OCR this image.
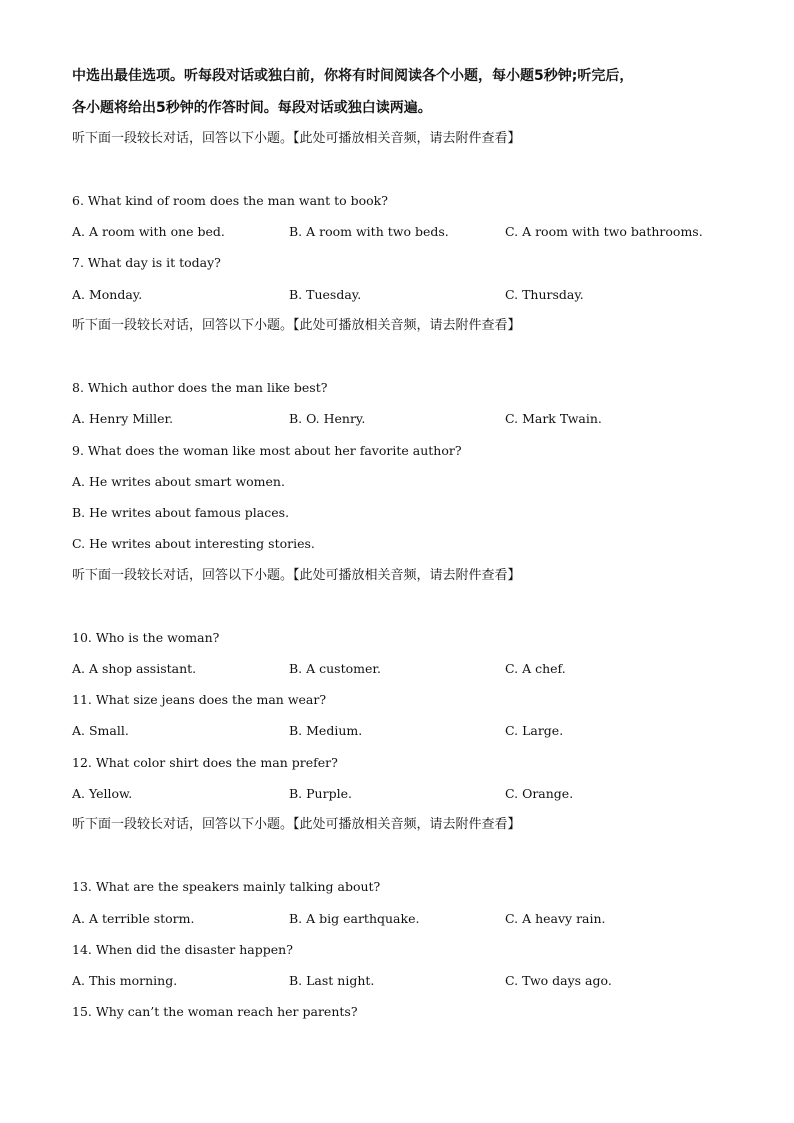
中选出最佳选项。听每段对话或独白前，你将有时间阅读各个小题，每小题5秒钟;听完后，
各小题将给出5秒钟的作答时间。每段对话或独白读两遍。
听下面一段较长对话，回答以下小题。【此处可播放相关音频，请去附件查看】
6. What kind of room does the man want to book?
A. A room with one bed.	B. A room with two beds.	C. A room with two bathrooms.
7. What day is it today?
A. Monday.	B. Tuesday.	C. Thursday.
听下面一段较长对话，回答以下小题。【此处可播放相关音频，请去附件查看】
8. Which author does the man like best?
A. Henry Miller.	B. O. Henry.	C. Mark Twain.
9. What does the woman like most about her favorite author?
A. He writes about smart women.
B. He writes about famous places.
C. He writes about interesting stories.
听下面一段较长对话，回答以下小题。【此处可播放相关音频，请去附件查看】
10. Who is the woman?
A. A shop assistant.	B. A customer.	C. A chef.
11. What size jeans does the man wear?
A. Small.	B. Medium.	C. Large.
12. What color shirt does the man prefer?
A. Yellow.	B. Purple.	C. Orange.
听下面一段较长对话，回答以下小题。【此处可播放相关音频，请去附件查看】
13. What are the speakers mainly talking about?
A. A terrible storm.	B. A big earthquake.	C. A heavy rain.
14. When did the disaster happen?
A. This morning.	B. Last night.	C. Two days ago.
15. Why can’t the woman reach her parents?
